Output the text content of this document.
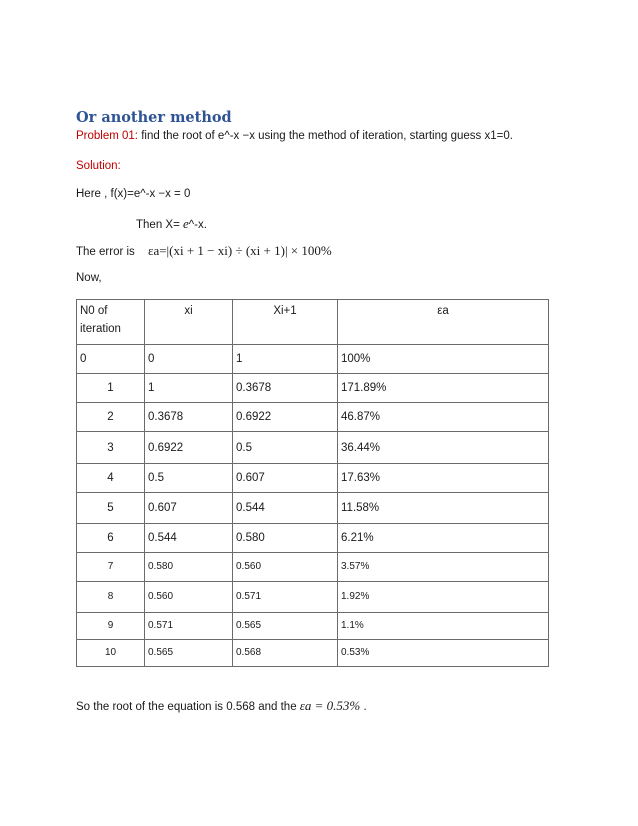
Or another method
Problem 01: find the root of e^-x −x using the method of iteration, starting guess x1=0.
Solution:
Here , f(x)=e^-x −x = 0
Then X= e^-x.
The error is εa=|(xi + 1 − xi) ÷ (xi + 1)| × 100%
Now,
N0 of iteration	xi	Xi+1	εa
0	0	1	100%
1	1	0.3678	171.89%
2	0.3678	0.6922	46.87%
3	0.6922	0.5	36.44%
4	0.5	0.607	17.63%
5	0.607	0.544	11.58%
6	0.544	0.580	6.21%
7	0.580	0.560	3.57%
8	0.560	0.571	1.92%
9	0.571	0.565	1.1%
10	0.565	0.568	0.53%
So the root of the equation is 0.568 and the εa = 0.53% .
